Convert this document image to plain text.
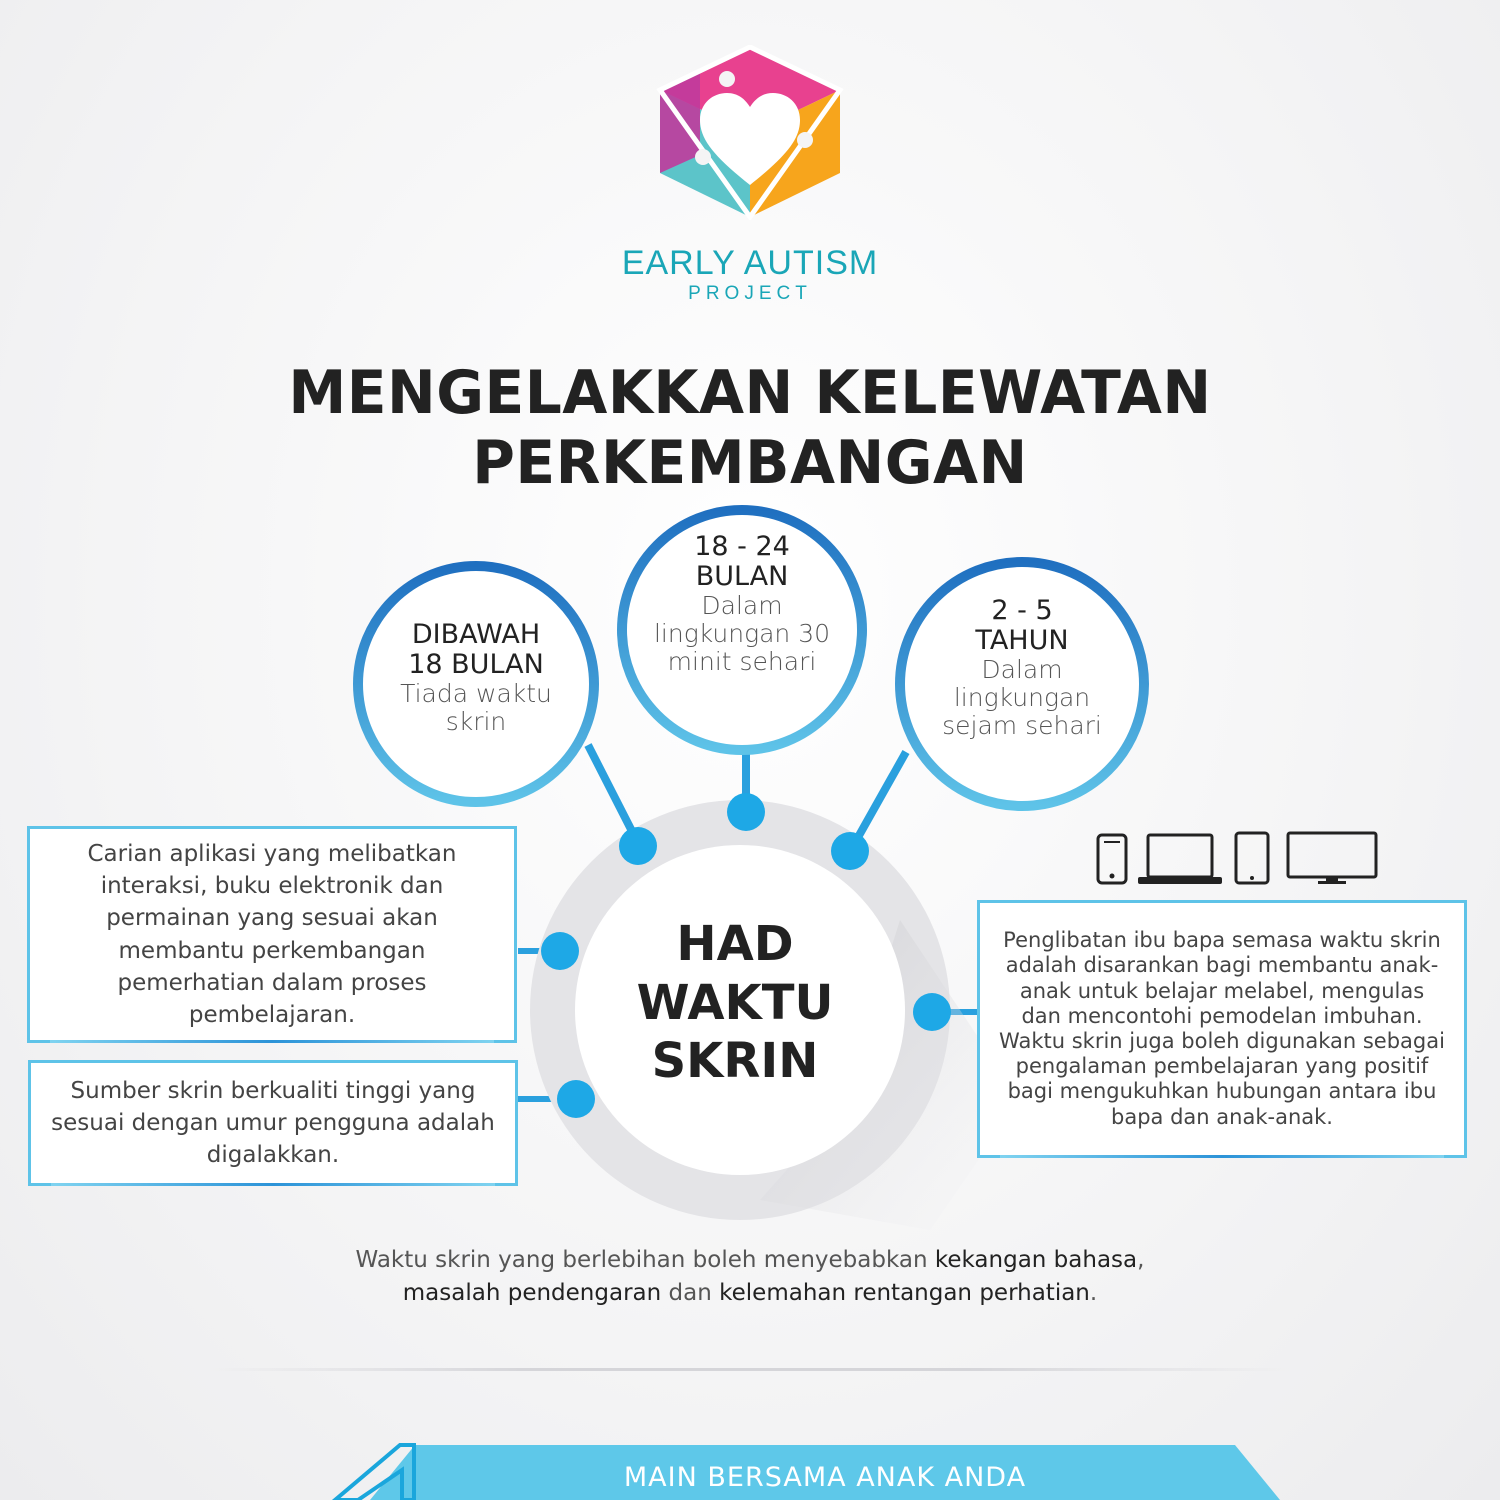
EARLY AUTISM
PROJECT
MENGELAKKAN KELEWATAN PERKEMBANGAN
DIBAWAH
18 BULAN
Tiada waktu
skrin
18 - 24
BULAN
Dalam
lingkungan 30
minit sehari
2 - 5
TAHUN
Dalam
lingkungan
sejam sehari
HAD
WAKTU
SKRIN
Carian aplikasi yang melibatkan interaksi, buku elektronik dan permainan yang sesuai akan membantu perkembangan pemerhatian dalam proses pembelajaran.
Sumber skrin berkualiti tinggi yang sesuai dengan umur pengguna adalah digalakkan.
Penglibatan ibu bapa semasa waktu skrin adalah disarankan bagi membantu anak-anak untuk belajar melabel, mengulas dan mencontohi pemodelan imbuhan. Waktu skrin juga boleh digunakan sebagai pengalaman pembelajaran yang positif bagi mengukuhkan hubungan antara ibu bapa dan anak-anak.
Waktu skrin yang berlebihan boleh menyebabkan kekangan bahasa,
masalah pendengaran dan kelemahan rentangan perhatian.
1	MAIN BERSAMA ANAK ANDA
